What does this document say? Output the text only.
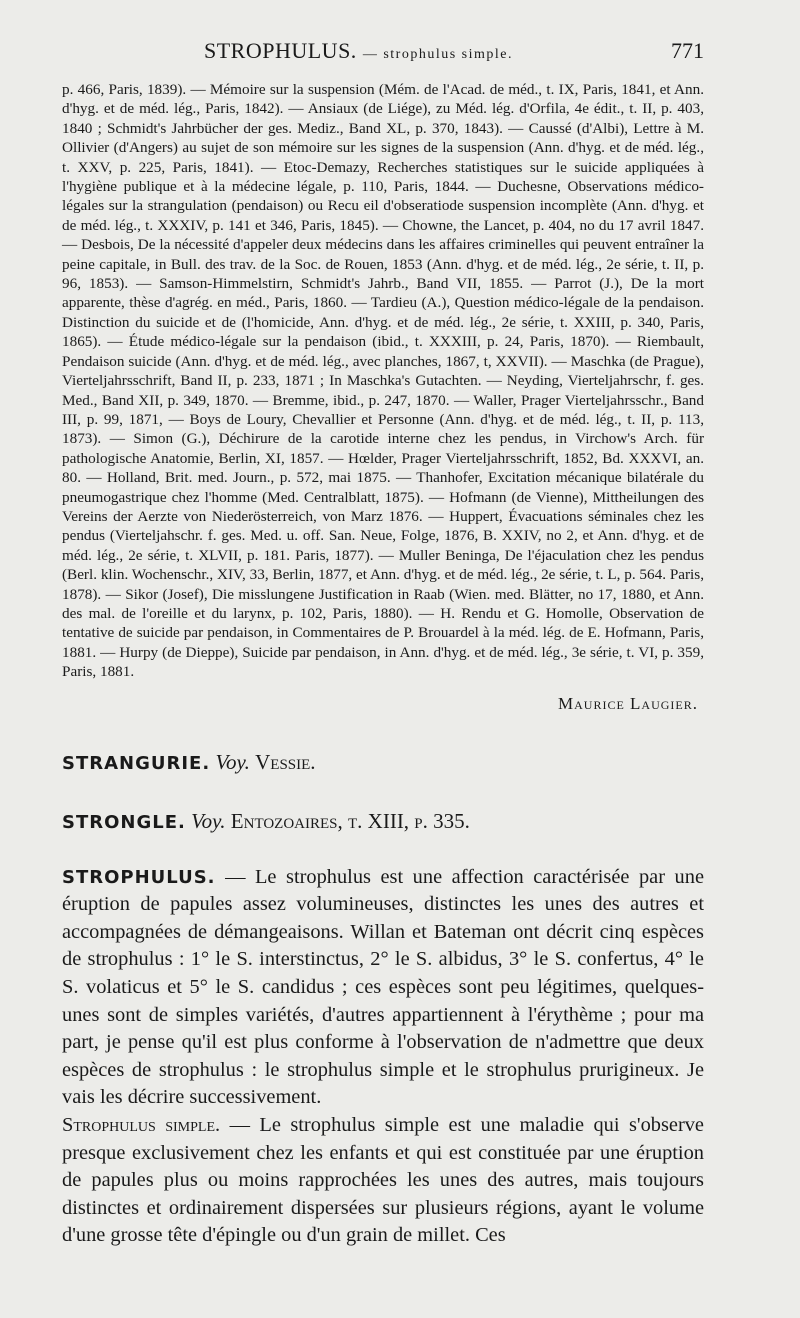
STROPHULUS. — strophulus simple.	771

p. 466, Paris, 1839). — Mémoire sur la suspension (Mém. de l'Acad. de méd., t. IX, Paris, 1841, et Ann. d'hyg. et de méd. lég., Paris, 1842). — Ansiaux (de Liége), zu Méd. lég. d'Orfila, 4e édit., t. II, p. 403, 1840 ; Schmidt's Jahrbücher der ges. Mediz., Band XL, p. 370, 1843). — Caussé (d'Albi), Lettre à M. Ollivier (d'Angers) au sujet de son mémoire sur les signes de la suspension (Ann. d'hyg. et de méd. lég., t. XXV, p. 225, Paris, 1841). — Etoc-Demazy, Recherches statistiques sur le suicide appliquées à l'hygiène publique et à la médecine légale, p. 110, Paris, 1844. — Duchesne, Observations médico-légales sur la strangulation (pendaison) ou Recu eil d'obseratiode suspension incomplète (Ann. d'hyg. et de méd. lég., t. XXXIV, p. 141 et 346, Paris, 1845). — Chowne, the Lancet, p. 404, no du 17 avril 1847. — Desbois, De la nécessité d'appeler deux médecins dans les affaires criminelles qui peuvent entraîner la peine capitale, in Bull. des trav. de la Soc. de Rouen, 1853 (Ann. d'hyg. et de méd. lég., 2e série, t. II, p. 96, 1853). — Samson-Himmelstirn, Schmidt's Jahrb., Band VII, 1855. — Parrot (J.), De la mort apparente, thèse d'agrég. en méd., Paris, 1860. — Tardieu (A.), Question médico-légale de la pendaison. Distinction du suicide et de (l'homicide, Ann. d'hyg. et de méd. lég., 2e série, t. XXIII, p. 340, Paris, 1865). — Étude médico-légale sur la pendaison (ibid., t. XXXIII, p. 24, Paris, 1870). — Riembault, Pendaison suicide (Ann. d'hyg. et de méd. lég., avec planches, 1867, t, XXVII). — Maschka (de Prague), Vierteljahrsschrift, Band II, p. 233, 1871 ; In Maschka's Gutachten. — Neyding, Vierteljahrschr, f. ges. Med., Band XII, p. 349, 1870. — Bremme, ibid., p. 247, 1870. — Waller, Prager Vierteljahrsschr., Band III, p. 99, 1871, — Boys de Loury, Chevallier et Personne (Ann. d'hyg. et de méd. lég., t. II, p. 113, 1873). — Simon (G.), Déchirure de la carotide interne chez les pendus, in Virchow's Arch. für pathologische Anatomie, Berlin, XI, 1857. — Hœlder, Prager Vierteljahrsschrift, 1852, Bd. XXXVI, an. 80. — Holland, Brit. med. Journ., p. 572, mai 1875. — Thanhofer, Excitation mécanique bilatérale du pneumogastrique chez l'homme (Med. Centralblatt, 1875). — Hofmann (de Vienne), Mittheilungen des Vereins der Aerzte von Niederösterreich, von Marz 1876. — Huppert, Évacuations séminales chez les pendus (Vierteljahschr. f. ges. Med. u. off. San. Neue, Folge, 1876, B. XXIV, no 2, et Ann. d'hyg. et de méd. lég., 2e série, t. XLVII, p. 181. Paris, 1877). — Muller Beninga, De l'éjaculation chez les pendus (Berl. klin. Wochenschr., XIV, 33, Berlin, 1877, et Ann. d'hyg. et de méd. lég., 2e série, t. L, p. 564. Paris, 1878). — Sikor (Josef), Die misslungene Justification in Raab (Wien. med. Blätter, no 17, 1880, et Ann. des mal. de l'oreille et du larynx, p. 102, Paris, 1880). — H. Rendu et G. Homolle, Observation de tentative de suicide par pendaison, in Commentaires de P. Brouardel à la méd. lég. de E. Hofmann, Paris, 1881. — Hurpy (de Dieppe), Suicide par pendaison, in Ann. d'hyg. et de méd. lég., 3e série, t. VI, p. 359, Paris, 1881.

Maurice Laugier.
STRANGURIE. Voy. Vessie.
STRONGLE. Voy. Entozoaires, t. XIII, p. 335.

STROPHULUS. — Le strophulus est une affection caractérisée par une éruption de papules assez volumineuses, distinctes les unes des autres et accompagnées de démangeaisons. Willan et Bateman ont décrit cinq espèces de strophulus : 1° le S. interstinctus, 2° le S. albidus, 3° le S. confertus, 4° le S. volaticus et 5° le S. candidus ; ces espèces sont peu légitimes, quelques-unes sont de simples variétés, d'autres appartiennent à l'érythème ; pour ma part, je pense qu'il est plus conforme à l'observation de n'admettre que deux espèces de strophulus : le strophulus simple et le strophulus prurigineux. Je vais les décrire successivement.

Strophulus simple. — Le strophulus simple est une maladie qui s'observe presque exclusivement chez les enfants et qui est constituée par une éruption de papules plus ou moins rapprochées les unes des autres, mais toujours distinctes et ordinairement dispersées sur plusieurs régions, ayant le volume d'une grosse tête d'épingle ou d'un grain de millet. Ces
